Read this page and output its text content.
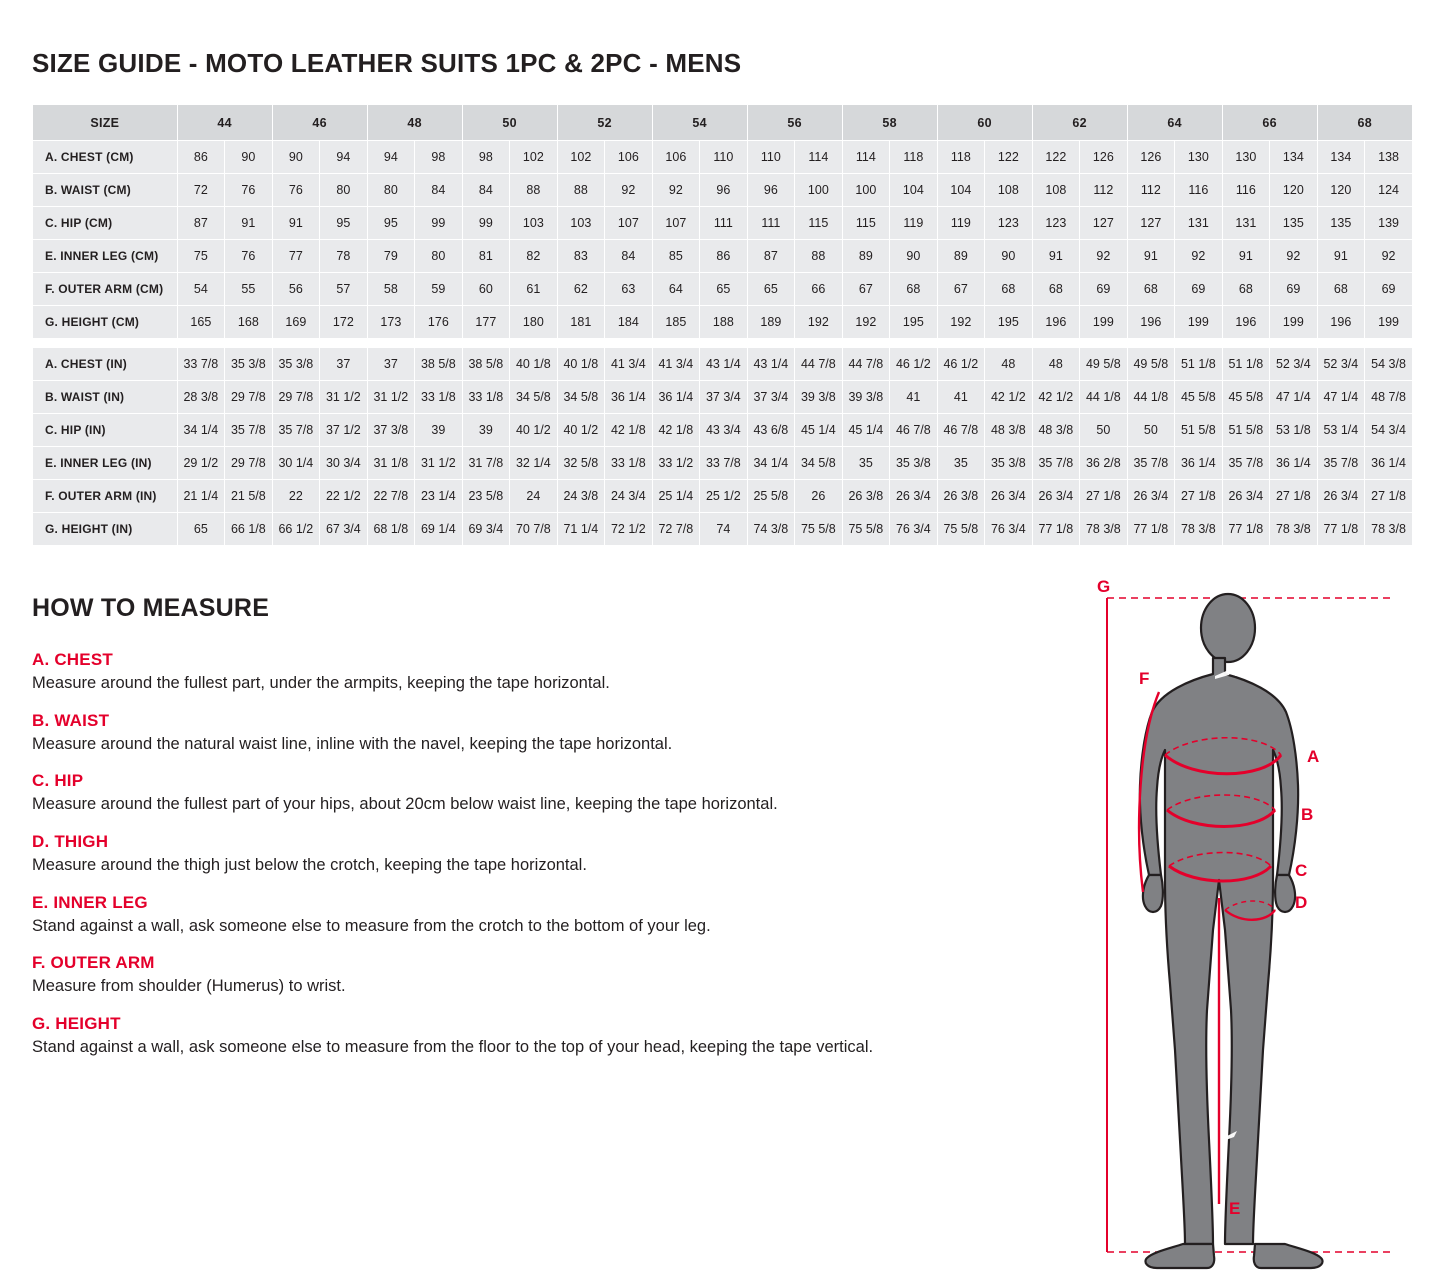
SIZE GUIDE - MOTO LEATHER SUITS 1PC & 2PC - MENS
SIZE	44		46		48		50		52		54		56		58		60		62		64		66		68	
A. CHEST (CM)	86	90	90	94	94	98	98	102	102	106	106	110	110	114	114	118	118	122	122	126	126	130	130	134	134	138
B. WAIST (CM)	72	76	76	80	80	84	84	88	88	92	92	96	96	100	100	104	104	108	108	112	112	116	116	120	120	124
C. HIP (CM)	87	91	91	95	95	99	99	103	103	107	107	111	111	115	115	119	119	123	123	127	127	131	131	135	135	139
E. INNER LEG (CM)	75	76	77	78	79	80	81	82	83	84	85	86	87	88	89	90	89	90	91	92	91	92	91	92	91	92
F. OUTER ARM (CM)	54	55	56	57	58	59	60	61	62	63	64	65	65	66	67	68	67	68	68	69	68	69	68	69	68	69
G. HEIGHT (CM)	165	168	169	172	173	176	177	180	181	184	185	188	189	192	192	195	192	195	196	199	196	199	196	199	196	199

A. CHEST (IN)	33 7/8	35 3/8	35 3/8	37	37	38 5/8	38 5/8	40 1/8	40 1/8	41 3/4	41 3/4	43 1/4	43 1/4	44 7/8	44 7/8	46 1/2	46 1/2	48	48	49 5/8	49 5/8	51 1/8	51 1/8	52 3/4	52 3/4	54 3/8
B. WAIST (IN)	28 3/8	29 7/8	29 7/8	31 1/2	31 1/2	33 1/8	33 1/8	34 5/8	34 5/8	36 1/4	36 1/4	37 3/4	37 3/4	39 3/8	39 3/8	41	41	42 1/2	42 1/2	44 1/8	44 1/8	45 5/8	45 5/8	47 1/4	47 1/4	48 7/8
C. HIP (IN)	34 1/4	35 7/8	35 7/8	37 1/2	37 3/8	39	39	40 1/2	40 1/2	42 1/8	42 1/8	43 3/4	43 6/8	45 1/4	45 1/4	46 7/8	46 7/8	48 3/8	48 3/8	50	50	51 5/8	51 5/8	53 1/8	53 1/4	54 3/4
E. INNER LEG (IN)	29 1/2	29 7/8	30 1/4	30 3/4	31 1/8	31 1/2	31 7/8	32 1/4	32 5/8	33 1/8	33 1/2	33 7/8	34 1/4	34 5/8	35	35 3/8	35	35 3/8	35 7/8	36 2/8	35 7/8	36 1/4	35 7/8	36 1/4	35 7/8	36 1/4
F. OUTER ARM (IN)	21 1/4	21 5/8	22	22 1/2	22 7/8	23 1/4	23 5/8	24	24 3/8	24 3/4	25 1/4	25 1/2	25 5/8	26	26 3/8	26 3/4	26 3/8	26 3/4	26 3/4	27 1/8	26 3/4	27 1/8	26 3/4	27 1/8	26 3/4	27 1/8
G. HEIGHT (IN)	65	66 1/8	66 1/2	67 3/4	68 1/8	69 1/4	69 3/4	70 7/8	71 1/4	72 1/2	72 7/8	74	74 3/8	75 5/8	75 5/8	76 3/4	75 5/8	76 3/4	77 1/8	78 3/8	77 1/8	78 3/8	77 1/8	78 3/8	77 1/8	78 3/8
HOW TO MEASURE
A. CHEST
Measure around the fullest part, under the armpits, keeping the tape horizontal.
B. WAIST
Measure around the natural waist line, inline with the navel, keeping the tape horizontal.
C. HIP
Measure around the fullest part of your hips, about 20cm below waist line, keeping the tape horizontal.
D. THIGH
Measure around the thigh just below the crotch, keeping the tape horizontal.
E. INNER LEG
Stand against a wall, ask someone else to measure from the crotch to the bottom of your leg.
F. OUTER ARM
Measure from shoulder (Humerus) to wrist.
G. HEIGHT
Stand against a wall, ask someone else to measure from the floor to the top of your head, keeping the tape vertical.
G
F
A
B
C
D
E
